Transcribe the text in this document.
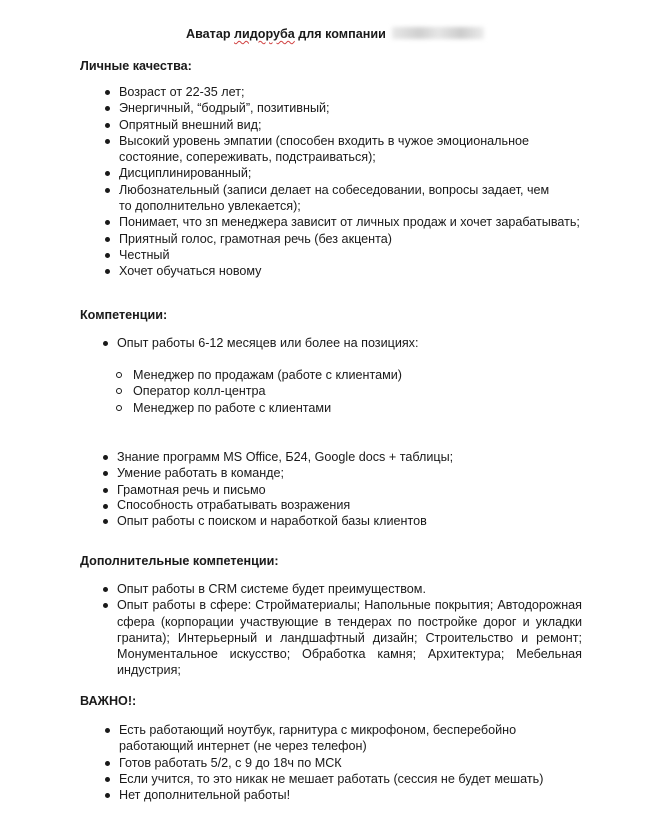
Аватар лидоруба для компании
Личные качества:
Возраст от 22-35 лет;
Энергичный, “бодрый”, позитивный;
Опрятный внешний вид;
Высокий уровень эмпатии (способен входить в чужое эмоциональное состояние, сопереживать, подстраиваться);
Дисциплинированный;
Любознательный (записи делает на собеседовании, вопросы задает, чем то дополнительно увлекается);
Понимает, что зп менеджера зависит от личных продаж и хочет зарабатывать;
Приятный голос, грамотная речь (без акцента)
Честный
Хочет обучаться новому
Компетенции:
Опыт работы 6-12 месяцев или более на позициях:
Менеджер по продажам (работе с клиентами)
Оператор колл-центра
Менеджер по работе с клиентами
Знание программ MS Office, Б24, Google docs + таблицы;
Умение работать в команде;
Грамотная речь и письмо
Способность отрабатывать возражения
Опыт работы с поиском и наработкой базы клиентов
Дополнительные компетенции:
Опыт работы в CRM системе будет преимуществом.
Опыт работы в сфере: Стройматериалы; Напольные покрытия; Автодорожная сфера (корпорации участвующие в тендерах по постройке дорог и укладки гранита); Интерьерный и ландшафтный дизайн; Строительство и ремонт; Монументальное искусство; Обработка камня; Архитектура; Мебельная индустрия;
ВАЖНО!:
Есть работающий ноутбук, гарнитура с микрофоном, бесперебойно работающий интернет (не через телефон)
Готов работать 5/2, с 9 до 18ч по МСК
Если учится, то это никак не мешает работать (сессия не будет мешать)
Нет дополнительной работы!
